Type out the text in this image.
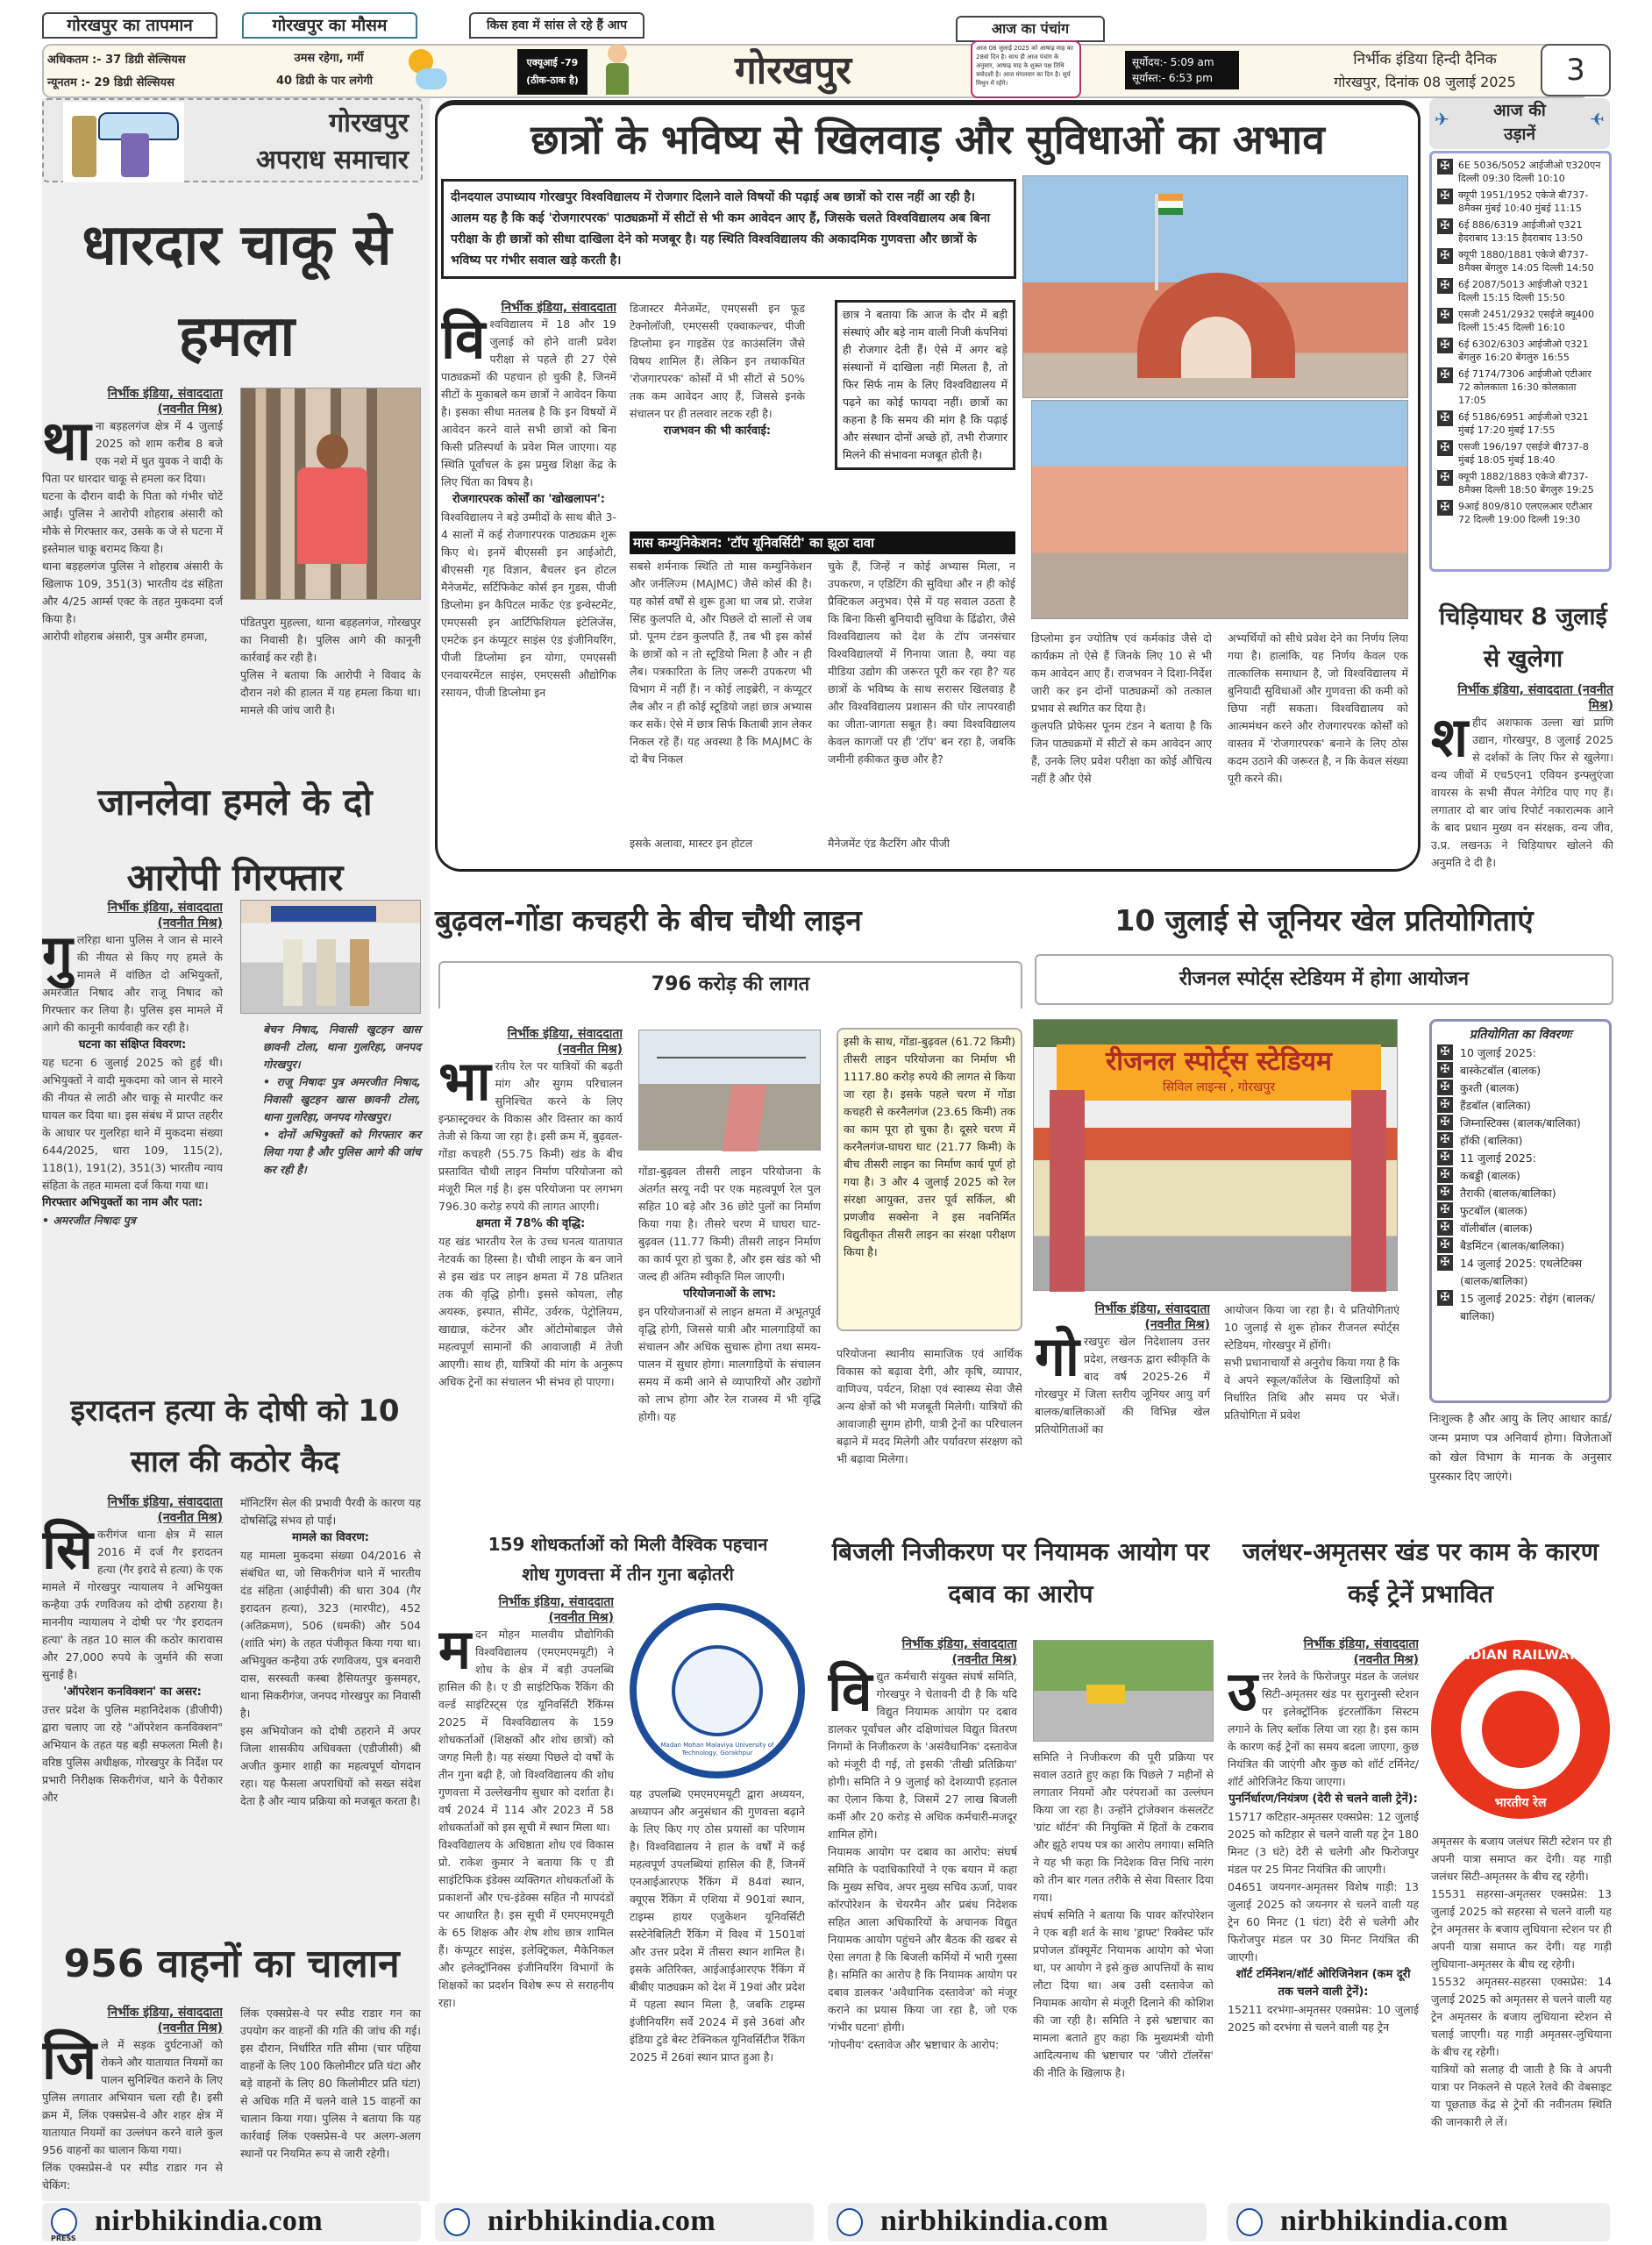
गोरखपुर का तापमान	गोरखपुर का मौसम	किस हवा में सांस ले रहे हैं आप	आज का पंचांग
अधिकतम :- 37 डिग्री सेल्सियस
न्यूनतम :- 29 डिग्री सेल्सियस
उमस रहेगा, गर्मी
40 डिग्री के पार लगेगी
एक्यूआई -79
(ठीक-ठाक है)	गोरखपुर	आज 08 जुलाई 2025 को आषाढ़ माह का 28वां दिन है। साथ ही आज पंचांग के अनुसार, आषाढ़ माह के शुक्ल पक्ष तिथि त्रयोदशी है। आज मंगलवार का दिन है। सूर्य मिथुन में रहेंगे।
सूर्योदय:- 5:09 am
सूर्यास्त:- 6:53 pm
निर्भीक इंडिया हिन्दी दैनिक
गोरखपुर, दिनांक 08 जुलाई 2025	3
गोरखपुर
अपराध समाचार
धारदार चाकू से हमला
निर्भीक इंडिया, संवाददाता
(नवनीत मिश्र)
थाना बड़हलगंज क्षेत्र में 4 जुलाई 2025 को शाम करीब 8 बजे एक नशे में धुत युवक ने वादी के पिता पर धारदार चाकू से हमला कर दिया।
घटना के दौरान वादी के पिता को गंभीर चोटें आईं। पुलिस ने आरोपी शोहराब अंसारी को मौके से गिरफ्तार कर, उसके क जे से घटना में इस्तेमाल चाकू बरामद किया है।
थाना बड़हलगंज पुलिस ने शोहराब अंसारी के खिलाफ 109, 351(3) भारतीय दंड संहिता और 4/25 आर्म्स एक्ट के तहत मुकदमा दर्ज किया है।
आरोपी शोहराब अंसारी, पुत्र अमीर हमजा,
पंडितपुरा मुहल्ला, थाना बड़हलगंज, गोरखपुर का निवासी है। पुलिस आगे की कानूनी कार्रवाई कर रही है।
पुलिस ने बताया कि आरोपी ने विवाद के दौरान नशे की हालत में यह हमला किया था। मामले की जांच जारी है।
जानलेवा हमले के दो आरोपी गिरफ्तार
निर्भीक इंडिया, संवाददाता
(नवनीत मिश्र)
गुलरिहा थाना पुलिस ने जान से मारने की नीयत से किए गए हमले के मामले में वांछित दो अभियुक्तों, अमरजीत निषाद और राजू निषाद को गिरफ्तार कर लिया है। पुलिस इस मामले में आगे की कानूनी कार्यवाही कर रही है।
घटना का संक्षिप्त विवरण:
यह घटना 6 जुलाई 2025 को हुई थी। अभियुक्तों ने वादी मुकदमा को जान से मारने की नीयत से लाठी और चाकू से मारपीट कर घायल कर दिया था। इस संबंध में प्राप्त तहरीर के आधार पर गुलरिहा थाने में मुकदमा संख्या 644/2025, धारा 109, 115(2), 118(1), 191(2), 351(3) भारतीय न्याय संहिता के तहत मामला दर्ज किया गया था।
गिरफ्तार अभियुक्तों का नाम और पता:
• अमरजीत निषादः पुत्र
बेचन निषाद, निवासी खुटहन खास छावनी टोला, थाना गुलरिहा, जनपद गोरखपुर।
• राजू निषादः पुत्र अमरजीत निषाद, निवासी खुटहन खास छावनी टोला, थाना गुलरिहा, जनपद गोरखपुर।
• दोनों अभियुक्तों को गिरफ्तार कर लिया गया है और पुलिस आगे की जांच कर रही है।
इरादतन हत्या के दोषी को 10 साल की कठोर कैद
निर्भीक इंडिया, संवाददाता
(नवनीत मिश्र)
सिकरीगंज थाना क्षेत्र में साल 2016 में दर्ज गैर इरादतन हत्या (गैर इरादे से हत्या) के एक मामले में गोरखपुर न्यायालय ने अभियुक्त कन्हैया उर्फ रणविजय को दोषी ठहराया है। माननीय न्यायालय ने दोषी पर 'गैर इरादतन हत्या' के तहत 10 साल की कठोर कारावास और 27,000 रुपये के जुर्माने की सजा सुनाई है।
'ऑपरेशन कनविक्शन' का असर:
उत्तर प्रदेश के पुलिस महानिदेशक (डीजीपी) द्वारा चलाए जा रहे "ऑपरेशन कनविक्शन" अभियान के तहत यह बड़ी सफलता मिली है। वरिष्ठ पुलिस अधीक्षक, गोरखपुर के निर्देश पर प्रभारी निरीक्षक सिकरीगंज, थाने के पैरोकार और
मॉनिटरिंग सेल की प्रभावी पैरवी के कारण यह दोषसिद्धि संभव हो पाई।
मामले का विवरण:
यह मामला मुकदमा संख्या 04/2016 से संबंधित था, जो सिकरीगंज थाने में भारतीय दंड संहिता (आईपीसी) की धारा 304 (गैर इरादतन हत्या), 323 (मारपीट), 452 (अतिक्रमण), 506 (धमकी) और 504 (शांति भंग) के तहत पंजीकृत किया गया था। अभियुक्त कन्हैया उर्फ रणविजय, पुत्र बनवारी दास, सरस्वती कस्बा हैसियतपुर कुसमहर, थाना सिकरीगंज, जनपद गोरखपुर का निवासी है।
इस अभियोजन को दोषी ठहराने में अपर जिला शासकीय अधिवक्ता (एडीजीसी) श्री अजीत कुमार शाही का महत्वपूर्ण योगदान रहा। यह फैसला अपराधियों को सख्त संदेश देता है और न्याय प्रक्रिया को मजबूत करता है।
956 वाहनों का चालान
निर्भीक इंडिया, संवाददाता
(नवनीत मिश्र)
जिले में सड़क दुर्घटनाओं को रोकने और यातायात नियमों का पालन सुनिश्चित कराने के लिए पुलिस लगातार अभियान चला रही है। इसी क्रम में, लिंक एक्सप्रेस-वे और शहर क्षेत्र में यातायात नियमों का उल्लंघन करने वाले कुल 956 वाहनों का चालान किया गया।
लिंक एक्सप्रेस-वे पर स्पीड राडार गन से चेकिंग:
लिंक एक्सप्रेस-वे पर स्पीड राडार गन का उपयोग कर वाहनों की गति की जांच की गई। इस दौरान, निर्धारित गति सीमा (चार पहिया वाहनों के लिए 100 किलोमीटर प्रति घंटा और बड़े वाहनों के लिए 80 किलोमीटर प्रति घंटा) से अधिक गति में चलने वाले 15 वाहनों का चालान किया गया। पुलिस ने बताया कि यह कार्रवाई लिंक एक्सप्रेस-वे पर अलग-अलग स्थानों पर नियमित रूप से जारी रहेगी।
छात्रों के भविष्य से खिलवाड़ और सुविधाओं का अभाव
दीनदयाल उपाध्याय गोरखपुर विश्वविद्यालय में रोजगार दिलाने वाले विषयों की पढ़ाई अब छात्रों को रास नहीं आ रही है। आलम यह है कि कई 'रोजगारपरक' पाठ्यक्रमों में सीटों से भी कम आवेदन आए हैं, जिसके चलते विश्वविद्यालय अब बिना परीक्षा के ही छात्रों को सीधा दाखिला देने को मजबूर है। यह स्थिति विश्वविद्यालय की अकादमिक गुणवत्ता और छात्रों के भविष्य पर गंभीर सवाल खड़े करती है।
निर्भीक इंडिया, संवाददाता
विश्वविद्यालय में 18 और 19 जुलाई को होने वाली प्रवेश परीक्षा से पहले ही 27 ऐसे पाठ्यक्रमों की पहचान हो चुकी है, जिनमें सीटों के मुकाबले कम छात्रों ने आवेदन किया है। इसका सीधा मतलब है कि इन विषयों में आवेदन करने वाले सभी छात्रों को बिना किसी प्रतिस्पर्धा के प्रवेश मिल जाएगा। यह स्थिति पूर्वांचल के इस प्रमुख शिक्षा केंद्र के लिए चिंता का विषय है।
रोजगारपरक कोर्सों का 'खोखलापन':
विश्वविद्यालय ने बड़े उम्मीदों के साथ बीते 3-4 सालों में कई रोजगारपरक पाठ्यक्रम शुरू किए थे। इनमें बीएससी इन आईओटी, बीएससी गृह विज्ञान, बैचलर इन होटल मैनेजमेंट, सर्टिफिकेट कोर्स इन गुडस, पीजी डिप्लोमा इन कैपिटल मार्केट एंड इन्वेस्टमेंट, एमएससी इन आर्टिफिशियल इंटेलिजेंस, एमटेक इन कंप्यूटर साइंस एंड इंजीनियरिंग, पीजी डिप्लोमा इन योगा, एमएससी एनवायरमेंटल साइंस, एमएससी औद्योगिक रसायन, पीजी डिप्लोमा इन
डिजास्टर मैनेजमेंट, एमएससी इन फूड टेक्नोलॉजी, एमएससी एक्वाकल्चर, पीजी डिप्लोमा इन गाइडेंस एंड काउंसलिंग जैसे विषय शामिल हैं। लेकिन इन तथाकथित 'रोजगारपरक' कोर्सों में भी सीटों से 50% तक कम आवेदन आए हैं, जिससे इनके संचालन पर ही तलवार लटक रही है।
राजभवन की भी कार्रवाई:
छात्र ने बताया कि आज के दौर में बड़ी संस्थाएं और बड़े नाम वाली निजी कंपनियां ही रोजगार देती हैं। ऐसे में अगर बड़े संस्थानों में दाखिला नहीं मिलता है, तो फिर सिर्फ नाम के लिए विश्वविद्यालय में पढ़ने का कोई फायदा नहीं। छात्रों का कहना है कि समय की मांग है कि पढ़ाई और संस्थान दोनों अच्छे हों, तभी रोजगार मिलने की संभावना मजबूत होती है।
मास कम्युनिकेशन: 'टॉप यूनिवर्सिटी' का झूठा दावा
सबसे शर्मनाक स्थिति तो मास कम्युनिकेशन और जर्नलिज्म (MAJMC) जैसे कोर्स की है। यह कोर्स वर्षों से शुरू हुआ था जब प्रो. राजेश सिंह कुलपति थे, और पिछले दो सालों से जब प्रो. पूनम टंडन कुलपति हैं, तब भी इस कोर्स के छात्रों को न तो स्टूडियो मिला है और न ही लैब। पत्रकारिता के लिए जरूरी उपकरण भी विभाग में नहीं हैं। न कोई लाइब्रेरी, न कंप्यूटर लैब और न ही कोई स्टूडियो जहां छात्र अभ्यास कर सकें। ऐसे में छात्र सिर्फ किताबी ज्ञान लेकर निकल रहे हैं। यह अवस्था है कि MAJMC के दो बैच निकल
इसके अलावा, मास्टर इन होटल
चुके हैं, जिन्हें न कोई अभ्यास मिला, न उपकरण, न एडिटिंग की सुविधा और न ही कोई प्रैक्टिकल अनुभव। ऐसे में यह सवाल उठता है कि बिना किसी बुनियादी सुविधा के ढिंढोरा, जैसे विश्वविद्यालय को देश के टॉप जनसंचार विश्वविद्यालयों में गिनाया जाता है, क्या वह मीडिया उद्योग की जरूरत पूरी कर रहा है? यह छात्रों के भविष्य के साथ सरासर खिलवाड़ है और विश्वविद्यालय प्रशासन की घोर लापरवाही का जीता-जागता सबूत है। क्या विश्वविद्यालय केवल कागजों पर ही 'टॉप' बन रहा है, जबकि जमीनी हकीकत कुछ और है?
मैनेजमेंट एंड कैटरिंग और पीजी
डिप्लोमा इन ज्योतिष एवं कर्मकांड जैसे दो कार्यक्रम तो ऐसे हैं जिनके लिए 10 से भी कम आवेदन आए हैं। राजभवन ने दिशा-निर्देश जारी कर इन दोनों पाठ्यक्रमों को तत्काल प्रभाव से स्थगित कर दिया है।
कुलपति प्रोफेसर पूनम टंडन ने बताया है कि जिन पाठ्यक्रमों में सीटों से कम आवेदन आए हैं, उनके लिए प्रवेश परीक्षा का कोई औचित्य नहीं है और ऐसे
अभ्यर्थियों को सीधे प्रवेश देने का निर्णय लिया गया है। हालांकि, यह निर्णय केवल एक तात्कालिक समाधान है, जो विश्वविद्यालय में बुनियादी सुविधाओं और गुणवत्ता की कमी को छिपा नहीं सकता। विश्वविद्यालय को आत्ममंथन करने और रोजगारपरक कोर्सों को वास्तव में 'रोजगारपरक' बनाने के लिए ठोस कदम उठाने की जरूरत है, न कि केवल संख्या पूरी करने की।
✈	✈
आज की
उड़ानें
✠ 6E 5036/5052 आईजीओ ए320एन दिल्ली 09:30 दिल्ली 10:10
✠ क्यूपी 1951/1952 एकेजे बी737-8मैक्स मुंबई 10:40 मुंबई 11:15
✠ 6ई 886/6319 आईजीओ ए321 हैदराबाद 13:15 हैदराबाद 13:50
✠ क्यूपी 1880/1881 एकेजे बी737-8मैक्स बेंगलुरु 14:05 दिल्ली 14:50
✠ 6ई 2087/5013 आईजीओ ए321 दिल्ली 15:15 दिल्ली 15:50
✠ एसजी 2451/2932 एसईजे क्यू400 दिल्ली 15:45 दिल्ली 16:10
✠ 6ई 6302/6303 आईजीओ ए321 बेंगलुरु 16:20 बेंगलुरु 16:55
✠ 6ई 7174/7306 आईजीओ एटीआर 72 कोलकाता 16:30 कोलकाता 17:05
✠ 6ई 5186/6951 आईजीओ ए321 मुंबई 17:20 मुंबई 17:55
✠ एसजी 196/197 एसईजे बी737-8 मुंबई 18:05 मुंबई 18:40
✠ क्यूपी 1882/1883 एकेजे बी737-8मैक्स दिल्ली 18:50 बेंगलुरु 19:25
✠ 9आई 809/810 एलएलआर एटीआर 72 दिल्ली 19:00 दिल्ली 19:30
चिड़ियाघर 8 जुलाई से खुलेगा
निर्भीक इंडिया, संवाददाता (नवनीत मिश्र)
शहीद अशफाक उल्ला खां प्राणि उद्यान, गोरखपुर, 8 जुलाई 2025 से दर्शकों के लिए फिर से खुलेगा। वन्य जीवों में एच5एन1 एवियन इन्फ्लुएंजा वायरस के सभी सैंपल नेगेटिव पाए गए हैं। लगातार दो बार जांच रिपोर्ट नकारात्मक आने के बाद प्रधान मुख्य वन संरक्षक, वन्य जीव, उ.प्र. लखनऊ ने चिड़ियाघर खोलने की अनुमति दे दी है।
बुढ़वल-गोंडा कचहरी के बीच चौथी लाइन
796 करोड़ की लागत
निर्भीक इंडिया, संवाददाता
(नवनीत मिश्र)
भारतीय रेल पर यात्रियों की बढ़ती मांग और सुगम परिचालन सुनिश्चित करने के लिए इन्फ्रास्ट्रक्चर के विकास और विस्तार का कार्य तेजी से किया जा रहा है। इसी क्रम में, बुढ़वल-गोंडा कचहरी (55.75 किमी) खंड के बीच प्रस्तावित चौथी लाइन निर्माण परियोजना को मंजूरी मिल गई है। इस परियोजना पर लगभग 796.30 करोड़ रुपये की लागत आएगी।
क्षमता में 78% की वृद्धि:
यह खंड भारतीय रेल के उच्च घनत्व यातायात नेटवर्क का हिस्सा है। चौथी लाइन के बन जाने से इस खंड पर लाइन क्षमता में 78 प्रतिशत तक की वृद्धि होगी। इससे कोयला, लौह अयस्क, इस्पात, सीमेंट, उर्वरक, पेट्रोलियम, खाद्यान्न, कंटेनर और ऑटोमोबाइल जैसे महत्वपूर्ण सामानों की आवाजाही में तेजी आएगी। साथ ही, यात्रियों की मांग के अनुरूप अधिक ट्रेनों का संचालन भी संभव हो पाएगा।
गोंडा-बुढ़वल तीसरी लाइन परियोजना के अंतर्गत सरयू नदी पर एक महत्वपूर्ण रेल पुल सहित 10 बड़े और 36 छोटे पुलों का निर्माण किया गया है। तीसरे चरण में घाघरा घाट-बुढ़वल (11.77 किमी) तीसरी लाइन निर्माण का कार्य पूरा हो चुका है, और इस खंड को भी जल्द ही अंतिम स्वीकृति मिल जाएगी।
परियोजनाओं के लाभ:
इन परियोजनाओं से लाइन क्षमता में अभूतपूर्व वृद्धि होगी, जिससे यात्री और मालगाड़ियों का संचालन और अधिक सुचारू होगा तथा समय-पालन में सुधार होगा। मालगाड़ियों के संचालन समय में कमी आने से व्यापारियों और उद्योगों को लाभ होगा और रेल राजस्व में भी वृद्धि होगी। यह
इसी के साथ, गोंडा-बुढ़वल (61.72 किमी) तीसरी लाइन परियोजना का निर्माण भी 1117.80 करोड़ रुपये की लागत से किया जा रहा है। इसके पहले चरण में गोंडा कचहरी से करनैलगंज (23.65 किमी) तक का काम पूरा हो चुका है। दूसरे चरण में करनैलगंज-घाघरा घाट (21.77 किमी) के बीच तीसरी लाइन का निर्माण कार्य पूर्ण हो गया है। 3 और 4 जुलाई 2025 को रेल संरक्षा आयुक्त, उत्तर पूर्व सर्किल, श्री प्रणजीव सक्सेना ने इस नवनिर्मित विद्युतीकृत तीसरी लाइन का संरक्षा परीक्षण किया है।
परियोजना स्थानीय सामाजिक एवं आर्थिक विकास को बढ़ावा देगी, और कृषि, व्यापार, वाणिज्य, पर्यटन, शिक्षा एवं स्वास्थ्य सेवा जैसे अन्य क्षेत्रों को भी मजबूती मिलेगी। यात्रियों की आवाजाही सुगम होगी, यात्री ट्रेनों का परिचालन बढ़ाने में मदद मिलेगी और पर्यावरण संरक्षण को भी बढ़ावा मिलेगा।
10 जुलाई से जूनियर खेल प्रतियोगिताएं
रीजनल स्पोर्ट्स स्टेडियम में होगा आयोजन
रीजनल स्पोर्ट्स स्टेडियम
सिविल लाइन्स , गोरखपुर
निर्भीक इंडिया, संवाददाता
(नवनीत मिश्र)
गोरखपुरः खेल निदेशालय उत्तर प्रदेश, लखनऊ द्वारा स्वीकृति के बाद वर्ष 2025-26 में गोरखपुर में जिला स्तरीय जूनियर आयु वर्ग बालक/बालिकाओं की विभिन्न खेल प्रतियोगिताओं का
आयोजन किया जा रहा है। ये प्रतियोगिताएं 10 जुलाई से शुरू होकर रीजनल स्पोर्ट्स स्टेडियम, गोरखपुर में होंगी।
सभी प्रधानाचार्यों से अनुरोध किया गया है कि वे अपने स्कूल/कॉलेज के खिलाड़ियों को निर्धारित तिथि और समय पर भेजें। प्रतियोगिता में प्रवेश
प्रतियोगिता का विवरणः
✠ 10 जुलाई 2025:
✠ बास्केटबॉल (बालक)
✠ कुश्ती (बालक)
✠ हैंडबॉल (बालिका)
✠ जिम्नास्टिक्स (बालक/बालिका)
✠ हॉकी (बालिका)
✠ 11 जुलाई 2025:
✠ कबड्डी (बालक)
✠ तैराकी (बालक/बालिका)
✠ फुटबॉल (बालक)
✠ वॉलीबॉल (बालक)
✠ बैडमिंटन (बालक/बालिका)
✠ 14 जुलाई 2025: एथलेटिक्स (बालक/बालिका)
✠ 15 जुलाई 2025: रोइंग (बालक/बालिका)
निःशुल्क है और आयु के लिए आधार कार्ड/जन्म प्रमाण पत्र अनिवार्य होगा। विजेताओं को खेल विभाग के मानक के अनुसार पुरस्कार दिए जाएंगे।
159 शोधकर्ताओं को मिली वैश्विक पहचान
शोध गुणवत्ता में तीन गुना बढ़ोतरी
निर्भीक इंडिया, संवाददाता
(नवनीत मिश्र)
मदन मोहन मालवीय प्रौद्योगिकी विश्वविद्यालय (एमएमएमयूटी) ने शोध के क्षेत्र में बड़ी उपलब्धि हासिल की है। ए डी साइंटिफिक रैंकिंग की वर्ल्ड साइंटिस्ट्स एंड यूनिवर्सिटी रैंकिंग्स 2025 में विश्वविद्यालय के 159 शोधकर्ताओं (शिक्षकों और शोध छात्रों) को जगह मिली है। यह संख्या पिछले दो वर्षों के तीन गुना बढ़ी है, जो विश्वविद्यालय की शोध गुणवत्ता में उल्लेखनीय सुधार को दर्शाता है। वर्ष 2024 में 114 और 2023 में 58 शोधकर्ताओं को इस सूची में स्थान मिला था।
विश्वविद्यालय के अधिष्ठाता शोध एवं विकास प्रो. राकेश कुमार ने बताया कि ए डी साइंटिफिक इंडेक्स व्यक्तिगत शोधकर्ताओं के प्रकाशनों और एच-इंडेक्स सहित नौ मापदंडों पर आधारित है। इस सूची में एमएमएमयूटी के 65 शिक्षक और शेष शोध छात्र शामिल हैं। कंप्यूटर साइंस, इलेक्ट्रिकल, मैकेनिकल और इलेक्ट्रॉनिक्स इंजीनियरिंग विभागों के शिक्षकों का प्रदर्शन विशेष रूप से सराहनीय रहा।
Madan Mohan Malaviya University of Technology, Gorakhpur
यह उपलब्धि एमएमएमयूटी द्वारा अध्ययन, अध्यापन और अनुसंधान की गुणवत्ता बढ़ाने के लिए किए गए ठोस प्रयासों का परिणाम है। विश्वविद्यालय ने हाल के वर्षों में कई महत्वपूर्ण उपलब्धियां हासिल की हैं, जिनमें एनआईआरएफ रैंकिंग में 84वां स्थान, क्यूएस रैंकिंग में एशिया में 901वां स्थान, टाइम्स हायर एजुकेशन यूनिवर्सिटी सस्टेनेबिलिटी रैंकिंग में विश्व में 1501वां और उत्तर प्रदेश में तीसरा स्थान शामिल है। इसके अतिरिक्त, आईआईआरएफ रैंकिंग में बीबीए पाठ्यक्रम को देश में 19वां और प्रदेश में पहला स्थान मिला है, जबकि टाइम्स इंजीनियरिंग सर्वे 2024 में इसे 36वां और इंडिया टुडे बेस्ट टेक्निकल यूनिवर्सिटीज रैंकिंग 2025 में 26वां स्थान प्राप्त हुआ है।
बिजली निजीकरण पर नियामक आयोग पर दबाव का आरोप
निर्भीक इंडिया, संवाददाता
(नवनीत मिश्र)
विद्युत कर्मचारी संयुक्त संघर्ष समिति, गोरखपुर ने चेतावनी दी है कि यदि विद्युत नियामक आयोग पर दबाव डालकर पूर्वांचल और दक्षिणांचल विद्युत वितरण निगमों के निजीकरण के 'असंवैधानिक' दस्तावेज को मंजूरी दी गई, तो इसकी 'तीखी प्रतिक्रिया' होगी। समिति ने 9 जुलाई को देशव्यापी हड़ताल का ऐलान किया है, जिसमें 27 लाख बिजली कर्मी और 20 करोड़ से अधिक कर्मचारी-मजदूर शामिल होंगे।
नियामक आयोग पर दबाव का आरोप: संघर्ष समिति के पदाधिकारियों ने एक बयान में कहा कि मुख्य सचिव, अपर मुख्य सचिव ऊर्जा, पावर कॉरपोरेशन के चेयरमैन और प्रबंध निदेशक सहित आला अधिकारियों के अचानक विद्युत नियामक आयोग पहुंचने और बैठक की खबर से ऐसा लगता है कि बिजली कर्मियों में भारी गुस्सा है। समिति का आरोप है कि नियामक आयोग पर दबाव डालकर 'अवैधानिक दस्तावेज' को मंजूर कराने का प्रयास किया जा रहा है, जो एक 'गंभीर घटना' होगी।
'गोपनीय' दस्तावेज और भ्रष्टाचार के आरोप:
समिति ने निजीकरण की पूरी प्रक्रिया पर सवाल उठाते हुए कहा कि पिछले 7 महीनों से लगातार नियमों और परंपराओं का उल्लंघन किया जा रहा है। उन्होंने ट्रांजेक्शन कंसलटेंट 'ग्रांट थॉर्टन' की नियुक्ति में हितों के टकराव और झूठे शपथ पत्र का आरोप लगाया। समिति ने यह भी कहा कि निदेशक वित्त निधि नारंग को तीन बार गलत तरीके से सेवा विस्तार दिया गया।
संघर्ष समिति ने बताया कि पावर कॉरपोरेशन ने एक बड़ी शर्त के साथ 'ड्राफ्ट' रिक्वेस्ट फॉर प्रपोजल डॉक्यूमेंट नियामक आयोग को भेजा था, पर आयोग ने इसे कुछ आपत्तियों के साथ लौटा दिया था। अब उसी दस्तावेज को नियामक आयोग से मंजूरी दिलाने की कोशिश की जा रही है। समिति ने इसे भ्रष्टाचार का मामला बताते हुए कहा कि मुख्यमंत्री योगी आदित्यनाथ की भ्रष्टाचार पर 'जीरो टॉलरेंस' की नीति के खिलाफ है।
जलंधर-अमृतसर खंड पर काम के कारण कई ट्रेनें प्रभावित
निर्भीक इंडिया, संवाददाता
(नवनीत मिश्र)
उत्तर रेलवे के फिरोजपुर मंडल के जलंधर सिटी-अमृतसर खंड पर सुरानुस्सी स्टेशन पर इलेक्ट्रॉनिक इंटरलॉकिंग सिस्टम लगाने के लिए ब्लॉक लिया जा रहा है। इस काम के कारण कई ट्रेनों का समय बदला जाएगा, कुछ नियंत्रित की जाएंगी और कुछ को शॉर्ट टर्मिनेट/शॉर्ट ओरिजिनेट किया जाएगा।
पुनर्निर्धारण/नियंत्रण (देरी से चलने वाली ट्रेनें):
15717 कटिहार-अमृतसर एक्सप्रेस: 12 जुलाई 2025 को कटिहार से चलने वाली यह ट्रेन 180 मिनट (3 घंटे) देरी से चलेगी और फिरोजपुर मंडल पर 25 मिनट नियंत्रित की जाएगी।
04651 जयनगर-अमृतसर विशेष गाड़ी: 13 जुलाई 2025 को जयनगर से चलने वाली यह ट्रेन 60 मिनट (1 घंटा) देरी से चलेगी और फिरोजपुर मंडल पर 30 मिनट नियंत्रित की जाएगी।
शॉर्ट टर्मिनेशन/शॉर्ट ओरिजिनेशन (कम दूरी तक चलने वाली ट्रेनें):
15211 दरभंगा-अमृतसर एक्सप्रेस: 10 जुलाई 2025 को दरभंगा से चलने वाली यह ट्रेन
INDIAN RAILWAYS
भारतीय रेल
अमृतसर के बजाय जलंधर सिटी स्टेशन पर ही अपनी यात्रा समाप्त कर देगी। यह गाड़ी जलंधर सिटी-अमृतसर के बीच रद्द रहेगी।
15531 सहरसा-अमृतसर एक्सप्रेस: 13 जुलाई 2025 को सहरसा से चलने वाली यह ट्रेन अमृतसर के बजाय लुधियाना स्टेशन पर ही अपनी यात्रा समाप्त कर देगी। यह गाड़ी लुधियाना-अमृतसर के बीच रद्द रहेगी।
15532 अमृतसर-सहरसा एक्सप्रेस: 14 जुलाई 2025 को अमृतसर से चलने वाली यह ट्रेन अमृतसर के बजाय लुधियाना स्टेशन से चलाई जाएगी। यह गाड़ी अमृतसर-लुधियाना के बीच रद्द रहेगी।
यात्रियों को सलाह दी जाती है कि वे अपनी यात्रा पर निकलने से पहले रेलवे की वेबसाइट या पूछताछ केंद्र से ट्रेनों की नवीनतम स्थिति की जानकारी ले लें।
nirbhikindia.com	nirbhikindia.com	nirbhikindia.com	nirbhikindia.com
PRESS
